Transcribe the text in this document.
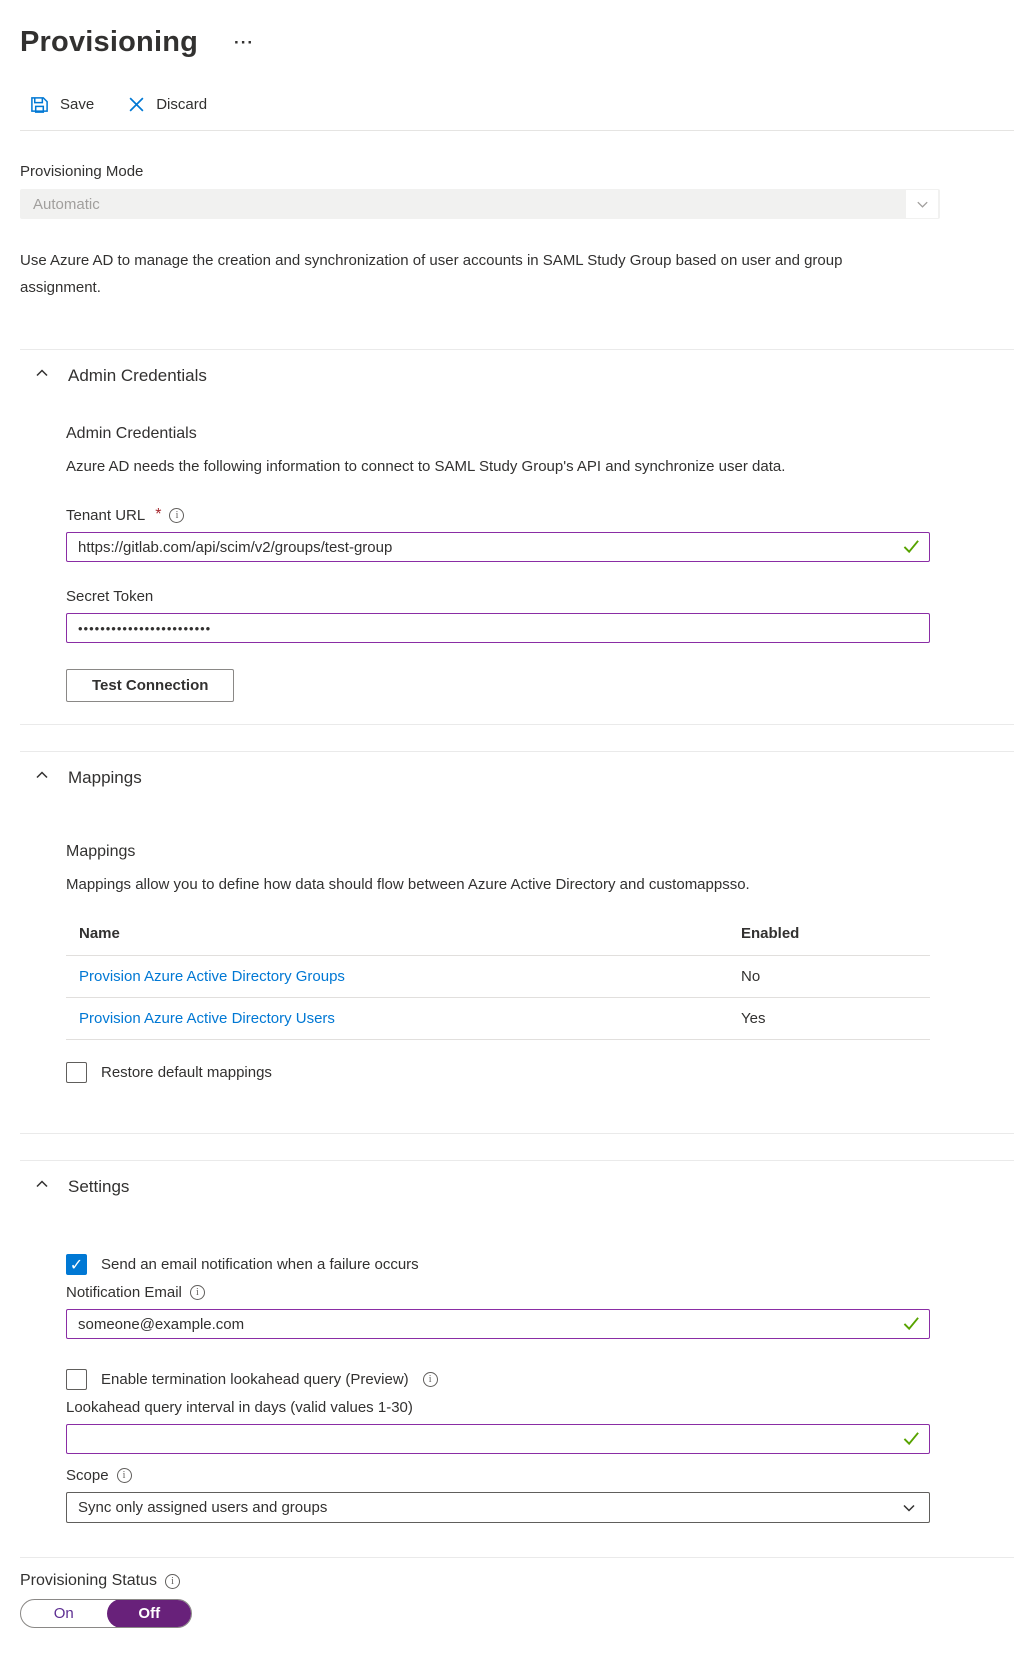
Provisioning ···
Save	Discard
Provisioning Mode
Automatic
Use Azure AD to manage the creation and synchronization of user accounts in SAML Study Group based on user and group assignment.
Admin Credentials
Admin Credentials
Azure AD needs the following information to connect to SAML Study Group's API and synchronize user data.
Tenant URL *	i
https://gitlab.com/api/scim/v2/groups/test-group
Secret Token
••••••••••••••••••••••••
Test Connection
Mappings
Mappings
Mappings allow you to define how data should flow between Azure Active Directory and customappsso.
Name	Enabled
Provision Azure Active Directory Groups	No
Provision Azure Active Directory Users	Yes
Restore default mappings
Settings
✓ Send an email notification when a failure occurs
Notification Email	i
someone@example.com
Enable termination lookahead query (Preview)	i
Lookahead query interval in days (valid values 1-30)
Scope	i
Sync only assigned users and groups
Provisioning Status	i
On	Off
